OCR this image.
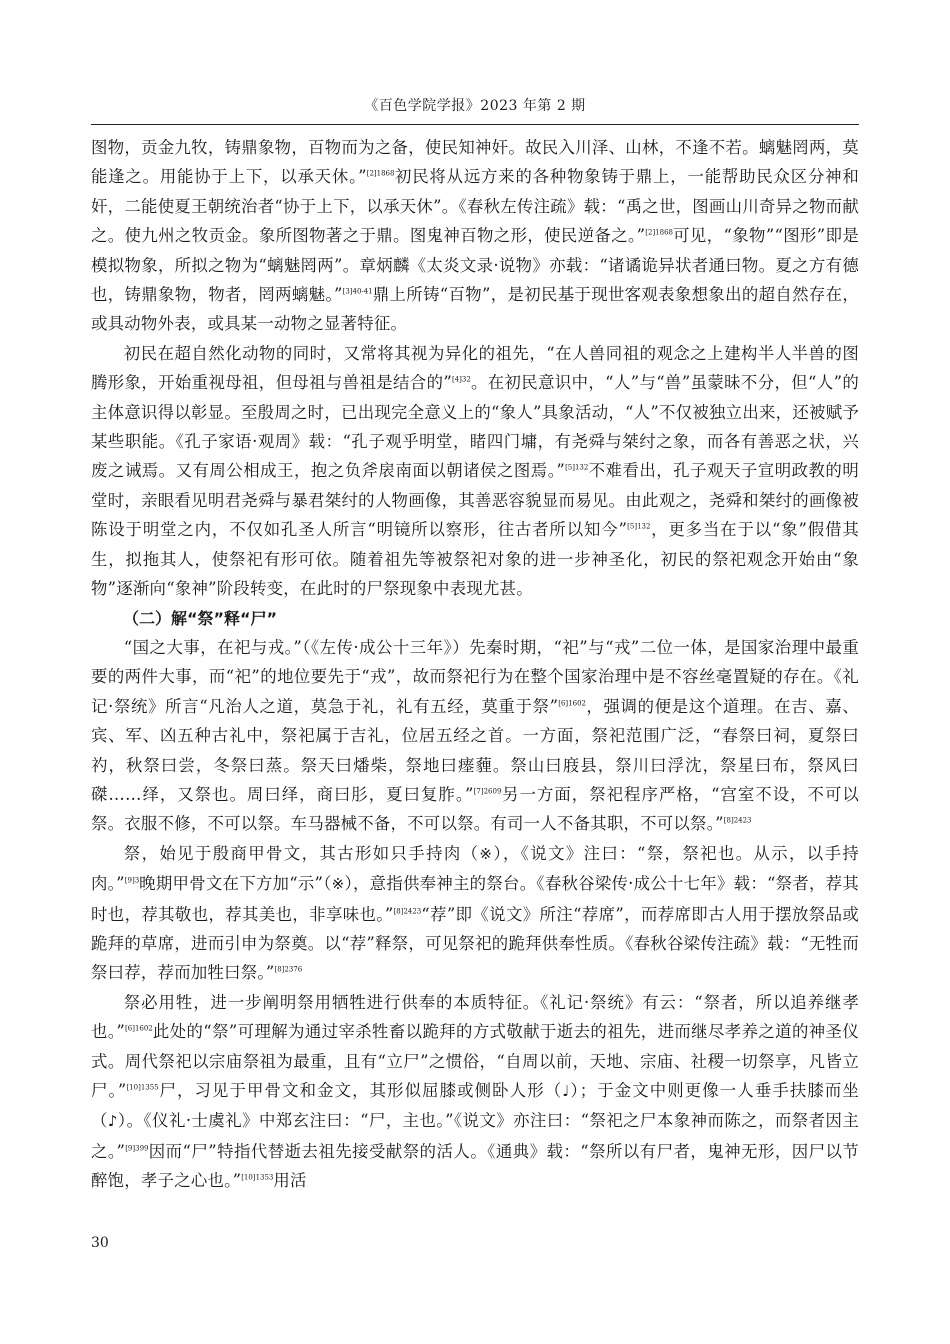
《百色学院学报》2023 年第 2 期

图物，贡金九牧，铸鼎象物，百物而为之备，使民知神奸。故民入川泽、山林，不逢不若。螭魅罔两，莫能逢之。用能协于上下，以承天休。”$^{[2]1868}$初民将从远方来的各种物象铸于鼎上，一能帮助民众区分神和奸，二能使夏王朝统治者“协于上下，以承天休”。《春秋左传注疏》载：“禹之世，图画山川奇异之物而献之。使九州之牧贡金。象所图物著之于鼎。图鬼神百物之形，使民逆备之。”$^{[2]1868}$可见，“象物”“图形”即是模拟物象，所拟之物为“螭魅罔两”。章炳麟《太炎文录·说物》亦载：“诸谲诡异状者通曰物。夏之方有德也，铸鼎象物，物者，罔两螭魅。”$^{[3]40-41}$鼎上所铸“百物”，是初民基于现世客观表象想象出的超自然存在，或具动物外表，或具某一动物之显著特征。

初民在超自然化动物的同时，又常将其视为异化的祖先，“在人兽同祖的观念之上建构半人半兽的图腾形象，开始重视母祖，但母祖与兽祖是结合的”$^{[4]32}$。在初民意识中，“人”与“兽”虽蒙昧不分，但“人”的主体意识得以彰显。至殷周之时，已出现完全意义上的“象人”具象活动，“人”不仅被独立出来，还被赋予某些职能。《孔子家语·观周》载：“孔子观乎明堂，睹四门墉，有尧舜与桀纣之象，而各有善恶之状，兴废之诫焉。又有周公相成王，抱之负斧扆南面以朝诸侯之图焉。”$^{[5]132}$不难看出，孔子观天子宣明政教的明堂时，亲眼看见明君尧舜与暴君桀纣的人物画像，其善恶容貌显而易见。由此观之，尧舜和桀纣的画像被陈设于明堂之内，不仅如孔圣人所言“明镜所以察形，往古者所以知今”$^{[5]132}$，更多当在于以“象”假借其生，拟拖其人，使祭祀有形可依。随着祖先等被祭祀对象的进一步神圣化，初民的祭祀观念开始由“象物”逐渐向“象神”阶段转变，在此时的尸祭现象中表现尤甚。

（二）解“祭”释“尸”

“国之大事，在祀与戎。”（《左传·成公十三年》）先秦时期，“祀”与“戎”二位一体，是国家治理中最重要的两件大事，而“祀”的地位要先于“戎”，故而祭祀行为在整个国家治理中是不容丝毫置疑的存在。《礼记·祭统》所言“凡治人之道，莫急于礼，礼有五经，莫重于祭”$^{[6]1602}$，强调的便是这个道理。在吉、嘉、宾、军、凶五种古礼中，祭祀属于吉礼，位居五经之首。一方面，祭祀范围广泛，“春祭曰祠，夏祭曰礿，秋祭曰尝，冬祭曰蒸。祭天曰燔柴，祭地曰瘗薶。祭山曰庪县，祭川曰浮沈，祭星曰布，祭风曰磔……绎，又祭也。周曰绎，商曰肜，夏曰复胙。”$^{[7]2609}$另一方面，祭祀程序严格，“宫室不设，不可以祭。衣服不修，不可以祭。车马器械不备，不可以祭。有司一人不备其职，不可以祭。”$^{[8]2423}$

祭，始见于殷商甲骨文，其古形如只手持肉（※），《说文》注曰：“祭，祭祀也。从示，以手持肉。”$^{[9]3}$晚期甲骨文在下方加“示”（※），意指供奉神主的祭台。《春秋谷梁传·成公十七年》载：“祭者，荐其时也，荐其敬也，荐其美也，非享味也。”$^{[8]2423}$“荐”即《说文》所注“荐席”，而荐席即古人用于摆放祭品或跪拜的草席，进而引申为祭奠。以“荐”释祭，可见祭祀的跪拜供奉性质。《春秋谷梁传注疏》载：“无牲而祭曰荐，荐而加牲曰祭。”$^{[8]2376}$

祭必用牲，进一步阐明祭用牺牲进行供奉的本质特征。《礼记·祭统》有云：“祭者，所以追养继孝也。”$^{[6]1602}$此处的“祭”可理解为通过宰杀牲畜以跪拜的方式敬献于逝去的祖先，进而继尽孝养之道的神圣仪式。周代祭祀以宗庙祭祖为最重，且有“立尸”之惯俗，“自周以前，天地、宗庙、社稷一切祭享，凡皆立尸。”$^{[10]1355}$尸，习见于甲骨文和金文，其形似屈膝或侧卧人形（♩）；于金文中则更像一人垂手扶膝而坐（♪）。《仪礼·士虞礼》中郑玄注曰：“尸，主也。”《说文》亦注曰：“祭祀之尸本象神而陈之，而祭者因主之。”$^{[9]399}$因而“尸”特指代替逝去祖先接受献祭的活人。《通典》载：“祭所以有尸者，鬼神无形，因尸以节醉饱，孝子之心也。”$^{[10]1353}$用活

30
